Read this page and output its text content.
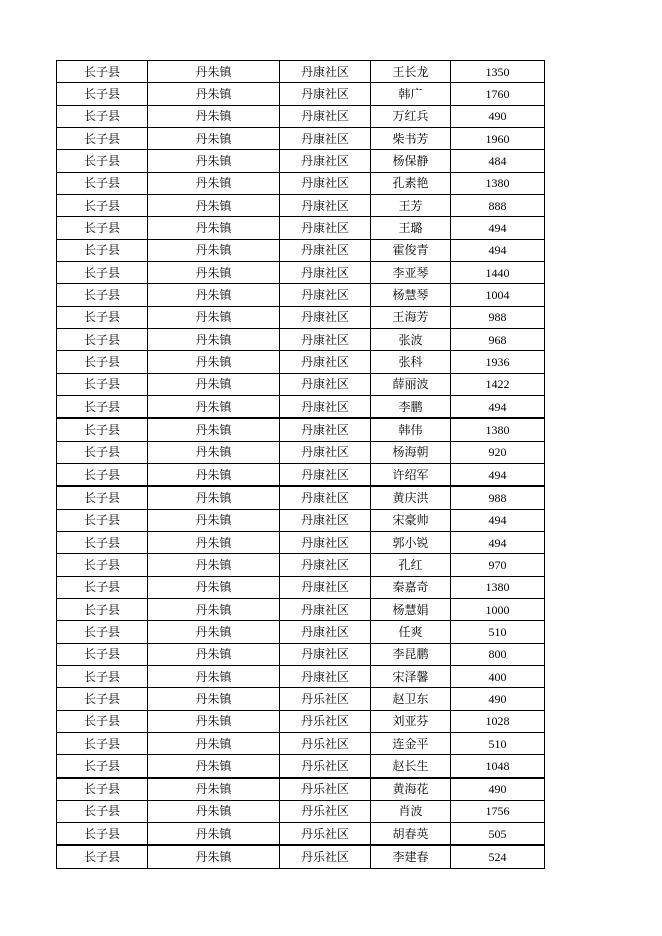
长子县	丹朱镇	丹康社区	王长龙	1350
长子县	丹朱镇	丹康社区	韩广	1760
长子县	丹朱镇	丹康社区	万红兵	490
长子县	丹朱镇	丹康社区	柴书芳	1960
长子县	丹朱镇	丹康社区	杨保静	484
长子县	丹朱镇	丹康社区	孔素艳	1380
长子县	丹朱镇	丹康社区	王芳	888
长子县	丹朱镇	丹康社区	王璐	494
长子县	丹朱镇	丹康社区	霍俊青	494
长子县	丹朱镇	丹康社区	李亚琴	1440
长子县	丹朱镇	丹康社区	杨慧琴	1004
长子县	丹朱镇	丹康社区	王海芳	988
长子县	丹朱镇	丹康社区	张波	968
长子县	丹朱镇	丹康社区	张科	1936
长子县	丹朱镇	丹康社区	薛丽波	1422
长子县	丹朱镇	丹康社区	李鹏	494
长子县	丹朱镇	丹康社区	韩伟	1380
长子县	丹朱镇	丹康社区	杨海朝	920
长子县	丹朱镇	丹康社区	许绍军	494
长子县	丹朱镇	丹康社区	黄庆洪	988
长子县	丹朱镇	丹康社区	宋豪帅	494
长子县	丹朱镇	丹康社区	郭小锐	494
长子县	丹朱镇	丹康社区	孔红	970
长子县	丹朱镇	丹康社区	秦嘉奇	1380
长子县	丹朱镇	丹康社区	杨慧娟	1000
长子县	丹朱镇	丹康社区	任爽	510
长子县	丹朱镇	丹康社区	李昆鹏	800
长子县	丹朱镇	丹康社区	宋泽馨	400
长子县	丹朱镇	丹乐社区	赵卫东	490
长子县	丹朱镇	丹乐社区	刘亚芬	1028
长子县	丹朱镇	丹乐社区	连金平	510
长子县	丹朱镇	丹乐社区	赵长生	1048
长子县	丹朱镇	丹乐社区	黄海花	490
长子县	丹朱镇	丹乐社区	肖波	1756
长子县	丹朱镇	丹乐社区	胡春英	505
长子县	丹朱镇	丹乐社区	李建春	524
